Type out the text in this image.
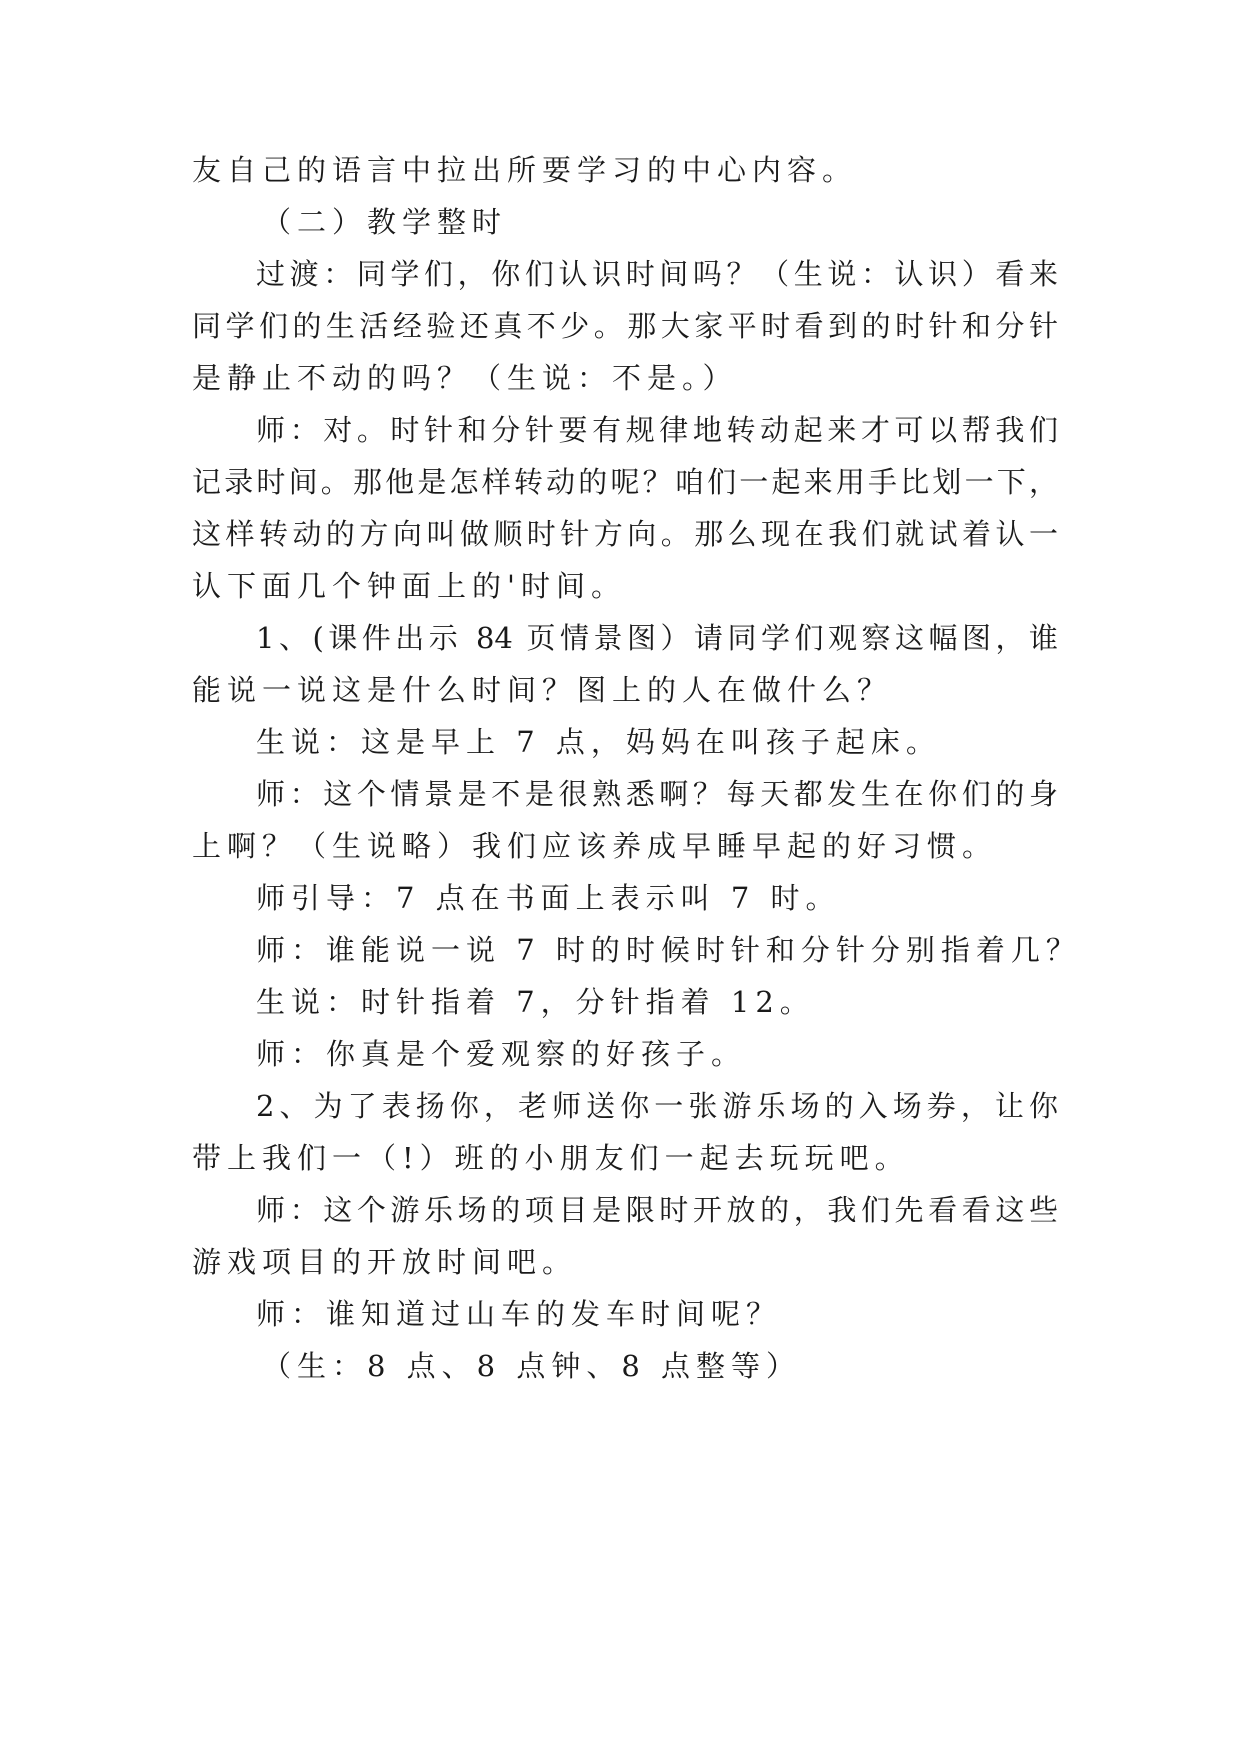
友自己的语言中拉出所要学习的中心内容。
（二）教学整时
过渡：同学们，你们认识时间吗？（生说：认识）看来
同学们的生活经验还真不少。那大家平时看到的时针和分针
是静止不动的吗？（生说：不是。）
师：对。时针和分针要有规律地转动起来才可以帮我们
记录时间。那他是怎样转动的呢？咱们一起来用手比划一下，
这样转动的方向叫做顺时针方向。那么现在我们就试着认一
认下面几个钟面上的'时间。
1、(课件出示 84 页情景图）请同学们观察这幅图，谁
能说一说这是什么时间？图上的人在做什么？
生说：这是早上 7 点，妈妈在叫孩子起床。
师：这个情景是不是很熟悉啊？每天都发生在你们的身
上啊？（生说略）我们应该养成早睡早起的好习惯。
师引导：7 点在书面上表示叫 7 时。
师：谁能说一说 7 时的时候时针和分针分别指着几？
生说：时针指着 7，分针指着 12。
师：你真是个爱观察的好孩子。
2、为了表扬你，老师送你一张游乐场的入场券，让你
带上我们一（!）班的小朋友们一起去玩玩吧。
师：这个游乐场的项目是限时开放的，我们先看看这些
游戏项目的开放时间吧。
师：谁知道过山车的发车时间呢？
（生：8 点、8 点钟、8 点整等）
